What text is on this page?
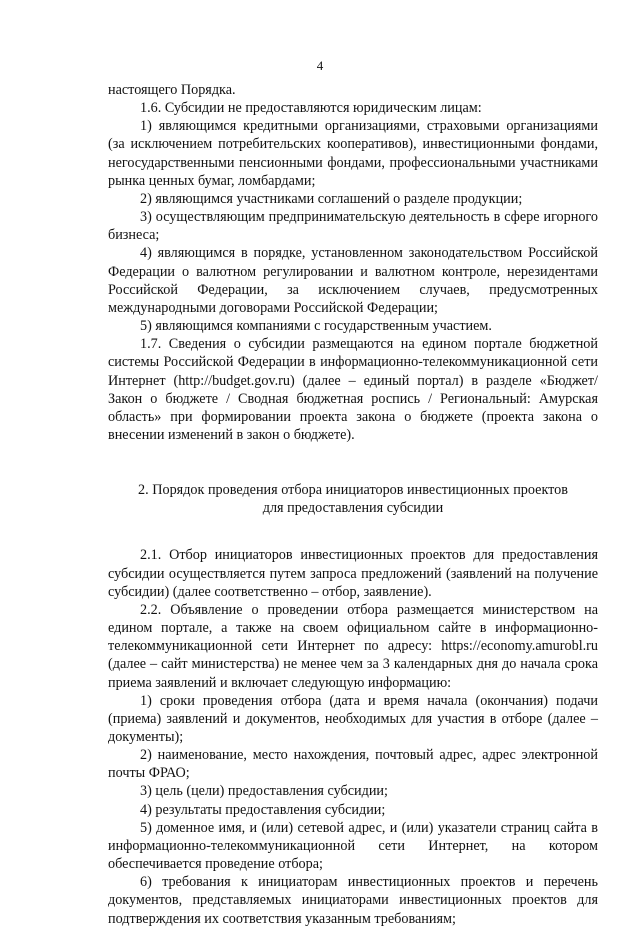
4

настоящего Порядка.

1.6. Субсидии не предоставляются юридическим лицам:

1) являющимся кредитными организациями, страховыми организациями (за исключением потребительских кооперативов), инвестиционными фондами, негосударственными пенсионными фондами, профессиональными участниками рынка ценных бумаг, ломбардами;

2) являющимся участниками соглашений о разделе продукции;

3) осуществляющим предпринимательскую деятельность в сфере игорного бизнеса;

4) являющимся в порядке, установленном законодательством Российской Федерации о валютном регулировании и валютном контроле, нерезидентами Российской Федерации, за исключением случаев, предусмотренных международными договорами Российской Федерации;

5) являющимся компаниями с государственным участием.

1.7. Сведения о субсидии размещаются на едином портале бюджетной системы Российской Федерации в информационно-телекоммуникационной сети Интернет (http://budget.gov.ru) (далее – единый портал) в разделе «Бюджет/ Закон о бюджете / Сводная бюджетная роспись / Региональный: Амурская область» при формировании проекта закона о бюджете (проекта закона о внесении изменений в закон о бюджете).

2. Порядок проведения отбора инициаторов инвестиционных проектов

для предоставления субсидии

2.1. Отбор инициаторов инвестиционных проектов для предоставления субсидии осуществляется путем запроса предложений (заявлений на получение субсидии) (далее соответственно – отбор, заявление).

2.2. Объявление о проведении отбора размещается министерством на едином портале, а также на своем официальном сайте в информационно-телекоммуникационной сети Интернет по адресу: https://economy.amurobl.ru (далее – сайт министерства) не менее чем за 3 календарных дня до начала срока приема заявлений и включает следующую информацию:

1) сроки проведения отбора (дата и время начала (окончания) подачи (приема) заявлений и документов, необходимых для участия в отборе (далее – документы);

2) наименование, место нахождения, почтовый адрес, адрес электронной почты ФРАО;

3) цель (цели) предоставления субсидии;

4) результаты предоставления субсидии;

5) доменное имя, и (или) сетевой адрес, и (или) указатели страниц сайта в информационно-телекоммуникационной сети Интернет, на котором обеспечивается проведение отбора;

6) требования к инициаторам инвестиционных проектов и перечень документов, представляемых инициаторами инвестиционных проектов для подтверждения их соответствия указанным требованиям;
